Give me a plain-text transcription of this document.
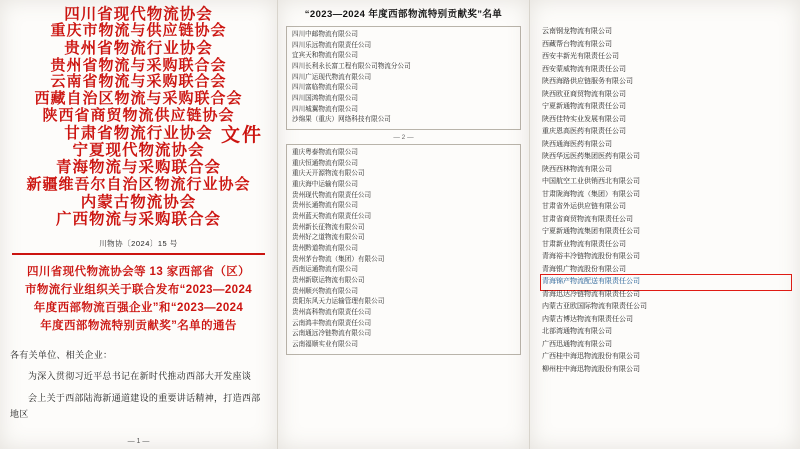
四川省现代物流协会
重庆市物流与供应链协会
贵州省物流行业协会
贵州省物流与采购联合会
云南省物流与采购联合会
西藏自治区物流与采购联合会
陕西省商贸物流供应链协会
甘肃省物流行业协会
宁夏现代物流协会
青海物流与采购联合会
新疆维吾尔自治区物流行业协会
内蒙古物流协会
广西物流与采购联合会
文件
川物协〔2024〕15 号
四川省现代物流协会等 13 家西部省（区）
市物流行业组织关于联合发布“2023—2024
年度西部物流百强企业”和“2023—2024
年度西部物流特别贡献奖”名单的通告

各有关单位、相关企业：

为深入贯彻习近平总书记在新时代推动西部大开发座谈

会上关于西部陆海新通道建设的重要讲话精神，打造西部地区

— 1 —
“2023—2024 年度西部物流特别贡献奖”名单
四川中邮物流有限公司
四川乐远物流有限责任公司
宜宾天和物流有限公司
四川长利永长富工程有限公司物流分公司
四川广运现代物流有限公司
四川富临物流有限公司
四川国鸿物流有限公司
四川城翼物流有限公司
沙绵果（重庆）网络科技有限公司
— 2 —
重庆粤泰物流有限公司
重庆恒通物流有限公司
重庆天开源物流有限公司
重庆海中运输有限公司
贵州现代物流有限责任公司
贵州长通物流有限公司
贵州蓝天物流有限责任公司
贵州新长征物流有限公司
贵州好之道物流有限公司
贵州黔道物流有限公司
贵州茅台物流（集团）有限公司
西南运通物流有限公司
贵州新联运物流有限公司
贵州顺兴物流有限公司
贵阳东风天力运输管理有限公司
贵州高科物流有限责任公司
云南鸿丰物流有限责任公司
云南通远冷链物流有限公司
云南福顺实业有限公司
云南钢龙物流有限公司
西藏帮台物流有限公司
西安丰新光有限责任公司
西安蒙威物流有限责任公司
陕西海路供应链服务有限公司
陕西欧亚商贸物流有限公司
宁夏新通物流有限责任公司
陕西佳特实业发展有限公司
重庆恩高医药有限责任公司
陕西通海医药有限公司
陕西华远医药集团医药有限公司
陕西西林物流有限公司
中国航空工业供销西北有限公司
甘肃陇海物流（集团）有限公司
甘肃省外运供应链有限公司
甘肃省商贸物流有限责任公司
宁夏新通物流集团有限责任公司
甘肃新业物流有限责任公司
青海裕丰冷链物流股份有限公司
青海银广物流股份有限公司
青海锦产物流配送有限责任公司
青海迅达冷链物流有限责任公司
内蒙古亚欧国际物流有限责任公司
内蒙古博达物流有限责任公司
北部湾通物流有限公司
广西迅通物流有限公司
广西桂中海迅物流股份有限公司
柳州柱中海迅物流股份有限公司
